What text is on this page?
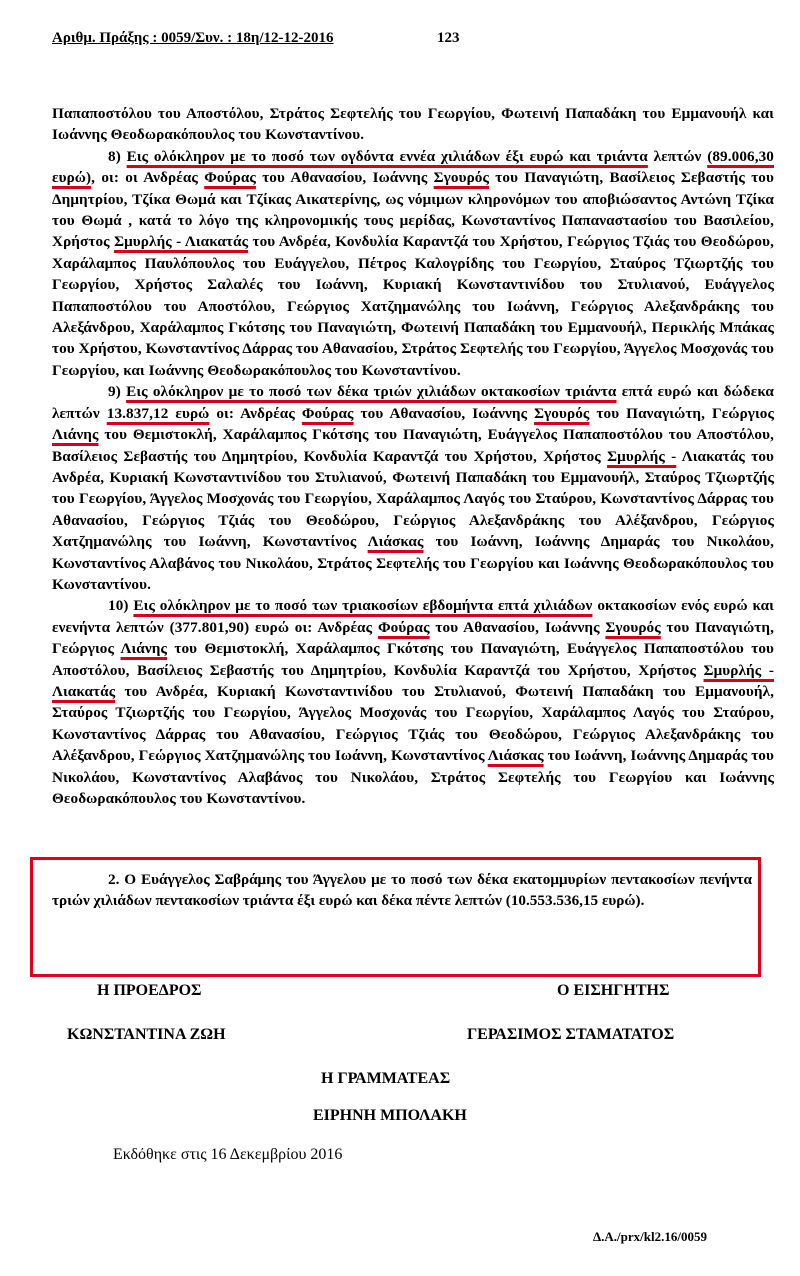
Αριθμ. Πράξης : 0059/Συν. : 18η/12-12-2016	123

Παπαποστόλου του Αποστόλου, Στράτος Σεφτελής του Γεωργίου, Φωτεινή Παπαδάκη του Εμμανουήλ και Ιωάννης Θεοδωρακόπουλος του Κωνσταντίνου.

8) Εις ολόκληρον με το ποσό των ογδόντα εννέα χιλιάδων έξι ευρώ και τριάντα λεπτών (89.006,30 ευρώ), οι: οι Ανδρέας Φούρας του Αθανασίου, Ιωάννης Σγουρός του Παναγιώτη, Βασίλειος Σεβαστής του Δημητρίου, Τζίκα Θωμά και Τζίκας Αικατερίνης, ως νόμιμων κληρονόμων του αποβιώσαντος Αντώνη Τζίκα του Θωμά , κατά το λόγο της κληρονομικής τους μερίδας, Κωνσταντίνος Παπαναστασίου του Βασιλείου, Χρήστος Σμυρλής - Λιακατάς του Ανδρέα, Κονδυλία Καραντζά του Χρήστου, Γεώργιος Τζιάς του Θεοδώρου, Χαράλαμπος Παυλόπουλος του Ευάγγελου, Πέτρος Καλογρίδης του Γεωργίου, Σταύρος Τζιωρτζής του Γεωργίου, Χρήστος Σαλαλές του Ιωάννη, Κυριακή Κωνσταντινίδου του Στυλιανού, Ευάγγελος Παπαποστόλου του Αποστόλου, Γεώργιος Χατζημανώλης του Ιωάννη, Γεώργιος Αλεξανδράκης του Αλεξάνδρου, Χαράλαμπος Γκότσης του Παναγιώτη, Φωτεινή Παπαδάκη του Εμμανουήλ, Περικλής Μπάκας του Χρήστου, Κωνσταντίνος Δάρρας του Αθανασίου, Στράτος Σεφτελής του Γεωργίου, Άγγελος Μοσχονάς του Γεωργίου, και Ιωάννης Θεοδωρακόπουλος του Κωνσταντίνου.

9) Εις ολόκληρον με το ποσό των δέκα τριών χιλιάδων οκτακοσίων τριάντα επτά ευρώ και δώδεκα λεπτών 13.837,12 ευρώ οι: Ανδρέας Φούρας του Αθανασίου, Ιωάννης Σγουρός του Παναγιώτη, Γεώργιος Λιάνης του Θεμιστοκλή, Χαράλαμπος Γκότσης του Παναγιώτη, Ευάγγελος Παπαποστόλου του Αποστόλου, Βασίλειος Σεβαστής του Δημητρίου, Κονδυλία Καραντζά του Χρήστου, Χρήστος Σμυρλής - Λιακατάς του Ανδρέα, Κυριακή Κωνσταντινίδου του Στυλιανού, Φωτεινή Παπαδάκη του Εμμανουήλ, Σταύρος Τζιωρτζής του Γεωργίου, Άγγελος Μοσχονάς του Γεωργίου, Χαράλαμπος Λαγός του Σταύρου, Κωνσταντίνος Δάρρας του Αθανασίου, Γεώργιος Τζιάς του Θεοδώρου, Γεώργιος Αλεξανδράκης του Αλέξανδρου, Γεώργιος Χατζημανώλης του Ιωάννη, Κωνσταντίνος Λιάσκας του Ιωάννη, Ιωάννης Δημαράς του Νικολάου, Κωνσταντίνος Αλαβάνος του Νικολάου, Στράτος Σεφτελής του Γεωργίου και Ιωάννης Θεοδωρακόπουλος του Κωνσταντίνου.

10) Εις ολόκληρον με το ποσό των τριακοσίων εβδομήντα επτά χιλιάδων οκτακοσίων ενός ευρώ και ενενήντα λεπτών (377.801,90) ευρώ οι: Ανδρέας Φούρας του Αθανασίου, Ιωάννης Σγουρός του Παναγιώτη, Γεώργιος Λιάνης του Θεμιστοκλή, Χαράλαμπος Γκότσης του Παναγιώτη, Ευάγγελος Παπαποστόλου του Αποστόλου, Βασίλειος Σεβαστής του Δημητρίου, Κονδυλία Καραντζά του Χρήστου, Χρήστος Σμυρλής - Λιακατάς του Ανδρέα, Κυριακή Κωνσταντινίδου του Στυλιανού, Φωτεινή Παπαδάκη του Εμμανουήλ, Σταύρος Τζιωρτζής του Γεωργίου, Άγγελος Μοσχονάς του Γεωργίου, Χαράλαμπος Λαγός του Σταύρου, Κωνσταντίνος Δάρρας του Αθανασίου, Γεώργιος Τζιάς του Θεοδώρου, Γεώργιος Αλεξανδράκης του Αλέξανδρου, Γεώργιος Χατζημανώλης του Ιωάννη, Κωνσταντίνος Λιάσκας του Ιωάννη, Ιωάννης Δημαράς του Νικολάου, Κωνσταντίνος Αλαβάνος του Νικολάου, Στράτος Σεφτελής του Γεωργίου και Ιωάννης Θεοδωρακόπουλος του Κωνσταντίνου.

2. Ο Ευάγγελος Σαβράμης του Άγγελου με το ποσό των δέκα εκατομμυρίων πεντακοσίων πενήντα τριών χιλιάδων πεντακοσίων τριάντα έξι ευρώ και δέκα πέντε λεπτών (10.553.536,15 ευρώ).

Η ΠΡΟΕΔΡΟΣ	Ο ΕΙΣΗΓΗΤΗΣ
ΚΩΝΣΤΑΝΤΙΝΑ ΖΩΗ	ΓΕΡΑΣΙΜΟΣ ΣΤΑΜΑΤΑΤΟΣ
Η ΓΡΑΜΜΑΤΕΑΣ
ΕΙΡΗΝΗ ΜΠΟΛΑΚΗ
Εκδόθηκε στις 16 Δεκεμβρίου 2016
Δ.Α./prx/kl2.16/0059
